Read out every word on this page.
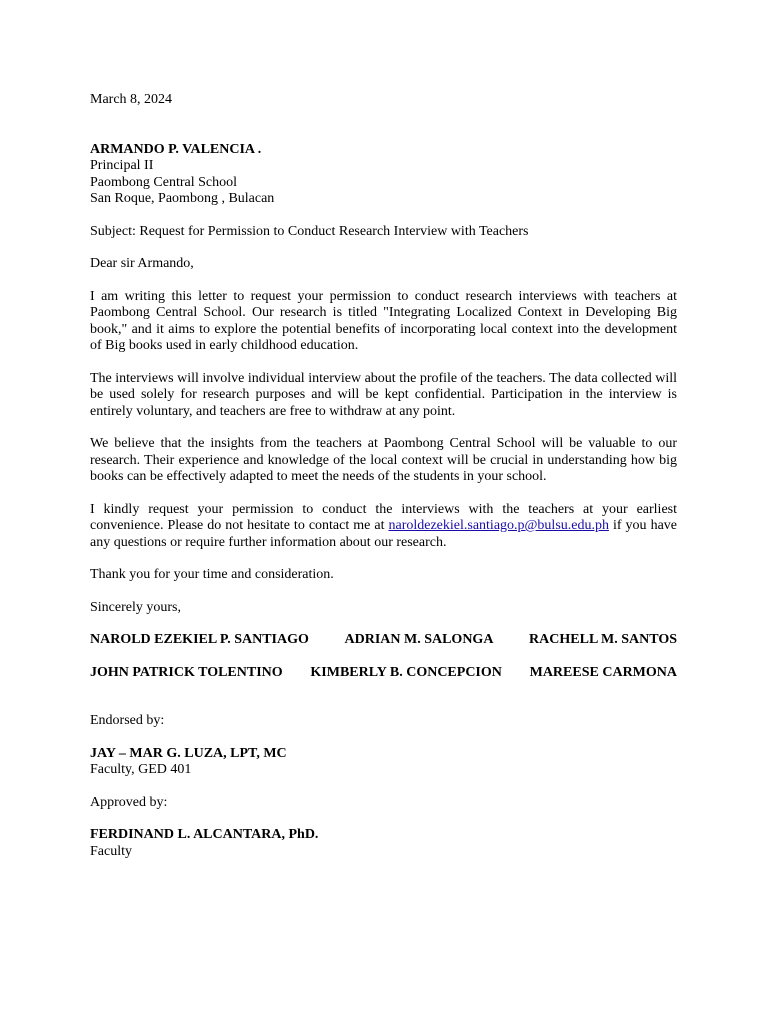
March 8, 2024

ARMANDO P. VALENCIA .

Principal II

Paombong Central School

San Roque, Paombong , Bulacan

Subject: Request for Permission to Conduct Research Interview with Teachers

Dear sir Armando,

I am writing this letter to request your permission to conduct research interviews with teachers at Paombong Central School. Our research is titled "Integrating Localized Context in Developing Big book," and it aims to explore the potential benefits of incorporating local context into the development of Big books used in early childhood education.

The interviews will involve individual interview about the profile of the teachers. The data collected will be used solely for research purposes and will be kept confidential. Participation in the interview is entirely voluntary, and teachers are free to withdraw at any point.

We believe that the insights from the teachers at Paombong Central School will be valuable to our research. Their experience and knowledge of the local context will be crucial in understanding how big books can be effectively adapted to meet the needs of the students in your school.

I kindly request your permission to conduct the interviews with the teachers at your earliest convenience. Please do not hesitate to contact me at naroldezekiel.santiago.p@bulsu.edu.ph if you have any questions or require further information about our research.

Thank you for your time and consideration.

Sincerely yours,

NAROLD EZEKIEL P. SANTIAGO	ADRIAN M. SALONGA	RACHELL M. SANTOS
JOHN PATRICK TOLENTINO KIMBERLY B. CONCEPCION MAREESE CARMONA

Endorsed by:

JAY – MAR G. LUZA, LPT, MC

Faculty, GED 401

Approved by:

FERDINAND L. ALCANTARA, PhD.

Faculty
